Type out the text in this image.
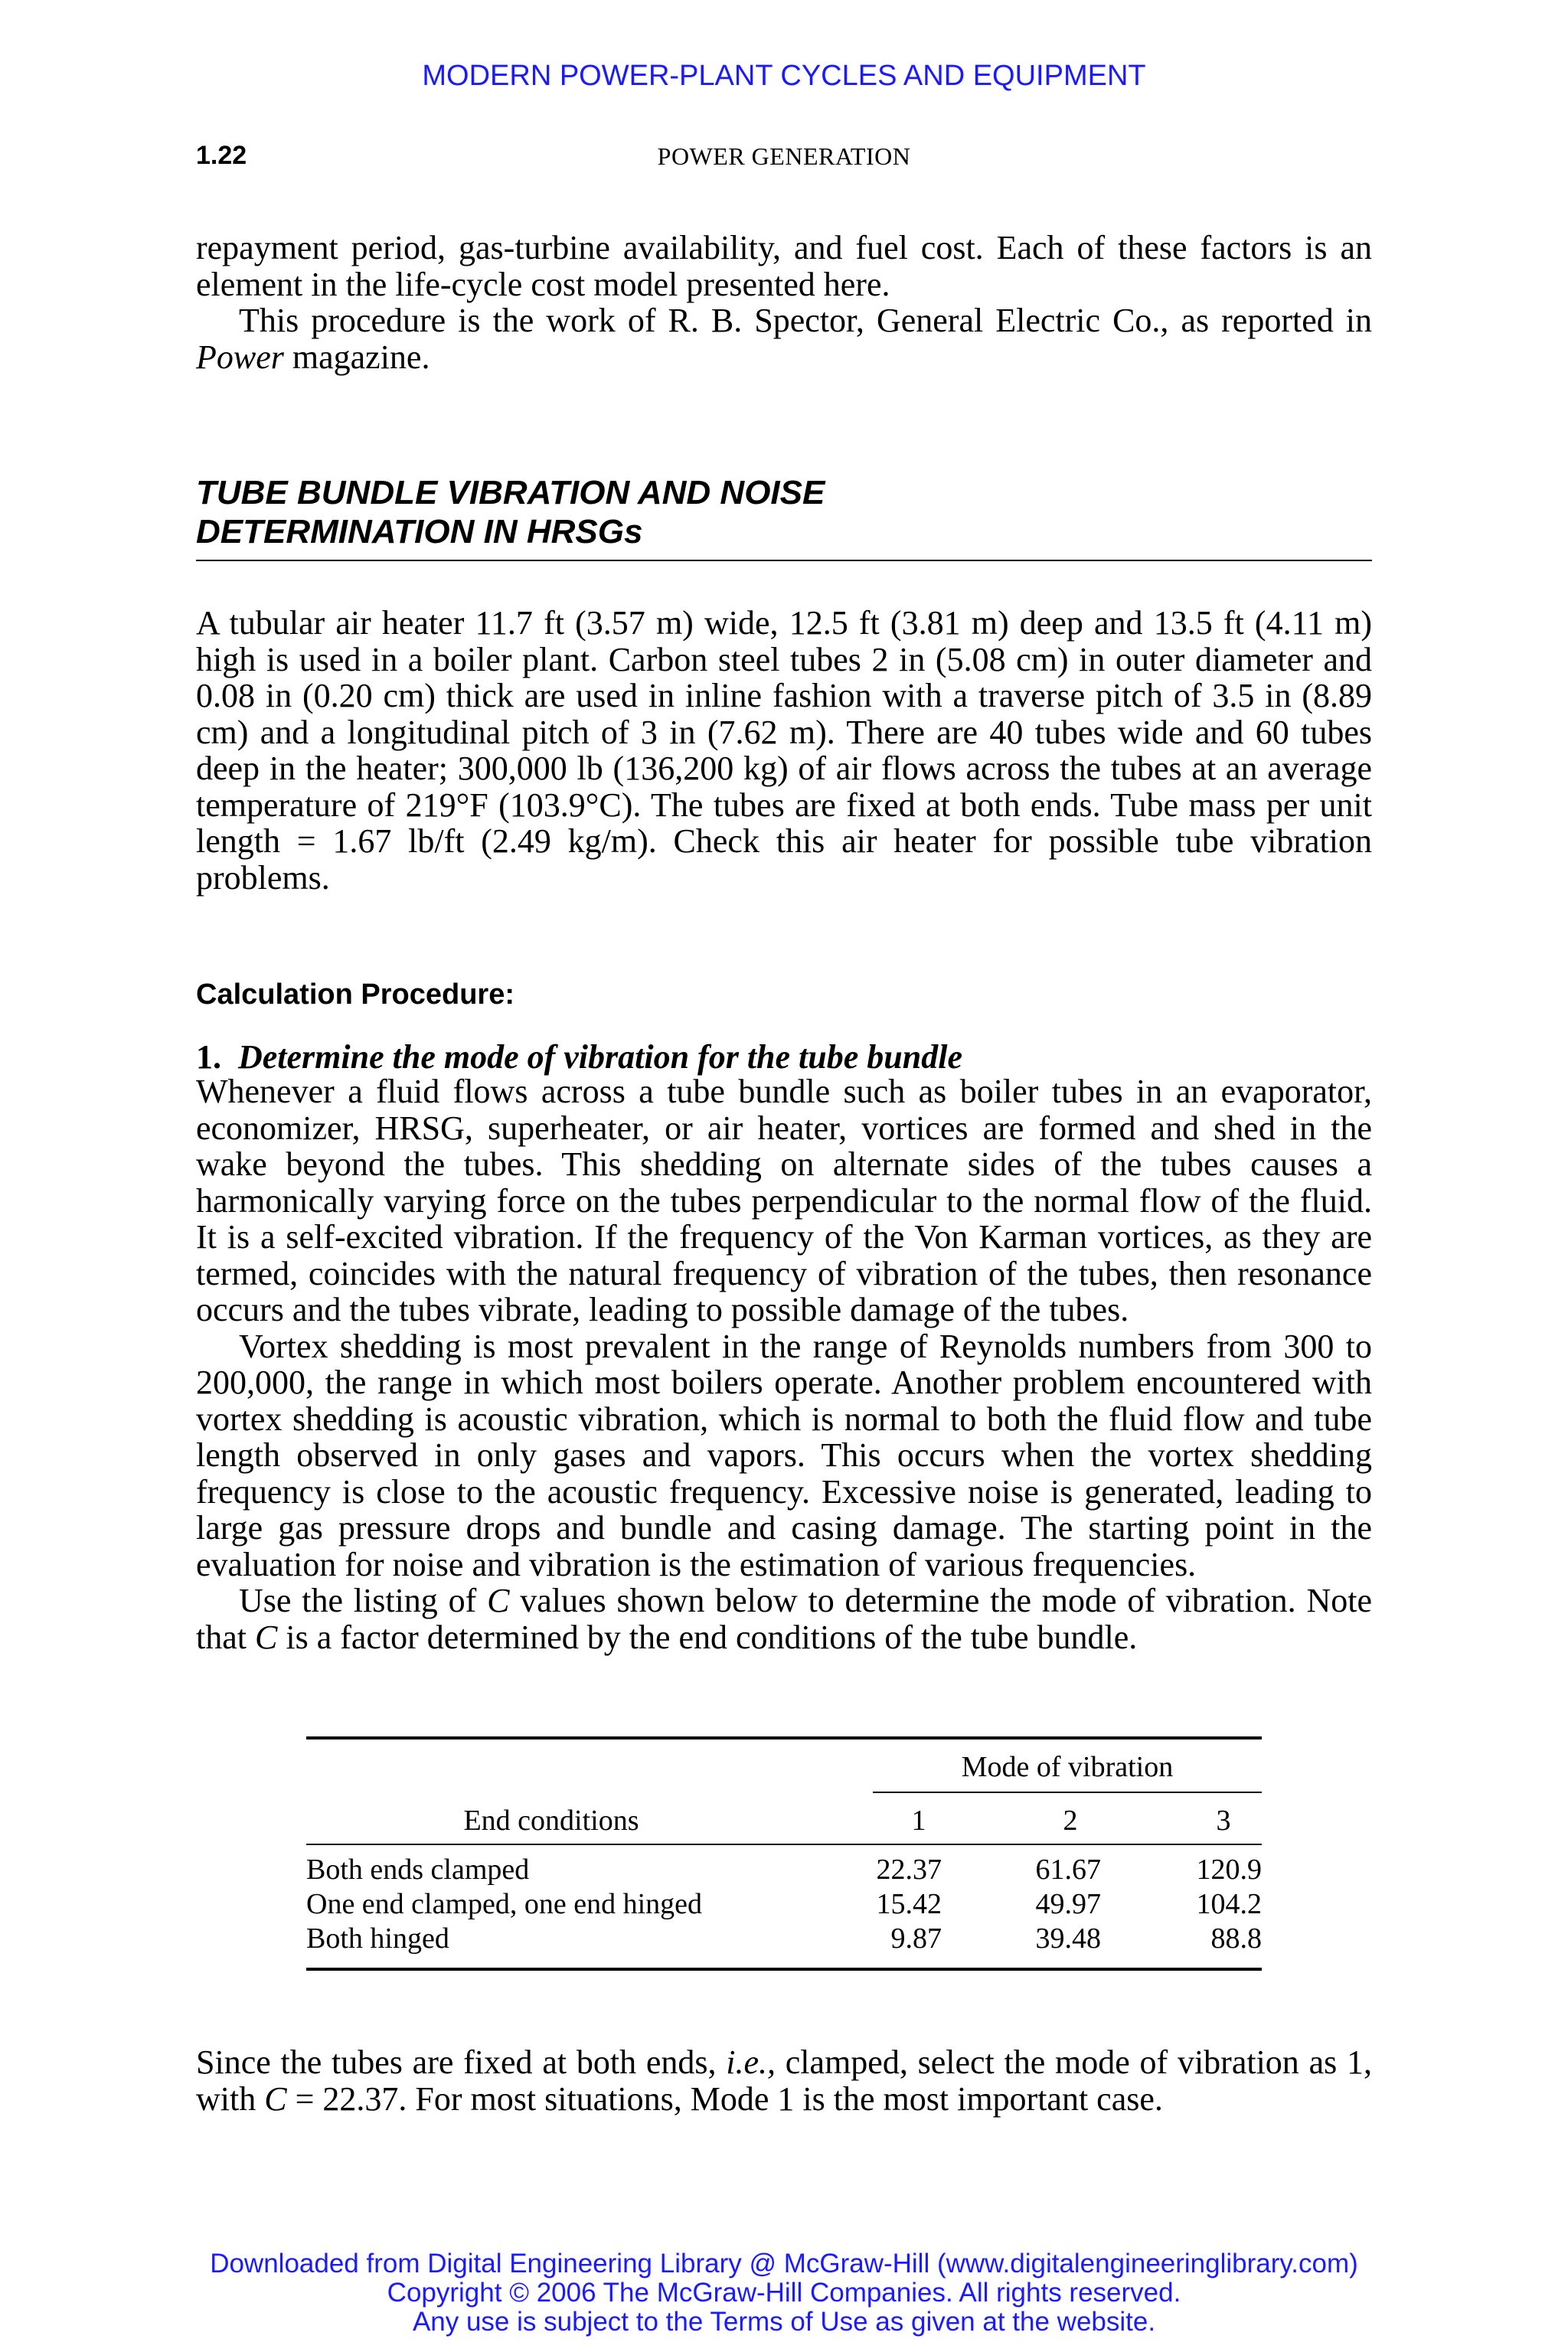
MODERN POWER-PLANT CYCLES AND EQUIPMENT
1.22	POWER GENERATION

repayment period, gas-turbine availability, and fuel cost. Each of these factors is an element in the life-cycle cost model presented here.

This procedure is the work of R. B. Spector, General Electric Co., as reported in Power magazine.

TUBE BUNDLE VIBRATION AND NOISE
DETERMINATION IN HRSGs

A tubular air heater 11.7 ft (3.57 m) wide, 12.5 ft (3.81 m) deep and 13.5 ft (4.11 m) high is used in a boiler plant. Carbon steel tubes 2 in (5.08 cm) in outer diameter and 0.08 in (0.20 cm) thick are used in inline fashion with a traverse pitch of 3.5 in (8.89 cm) and a longitudinal pitch of 3 in (7.62 m). There are 40 tubes wide and 60 tubes deep in the heater; 300,000 lb (136,200 kg) of air flows across the tubes at an average temperature of 219°F (103.9°C). The tubes are fixed at both ends. Tube mass per unit length = 1.67 lb/ft (2.49 kg/m). Check this air heater for possible tube vibration problems.

Calculation Procedure:
1. Determine the mode of vibration for the tube bundle

Whenever a fluid flows across a tube bundle such as boiler tubes in an evaporator, economizer, HRSG, superheater, or air heater, vortices are formed and shed in the wake beyond the tubes. This shedding on alternate sides of the tubes causes a harmonically varying force on the tubes perpendicular to the normal flow of the fluid. It is a self-excited vibration. If the frequency of the Von Karman vortices, as they are termed, coincides with the natural frequency of vibration of the tubes, then resonance occurs and the tubes vibrate, leading to possible damage of the tubes.

Vortex shedding is most prevalent in the range of Reynolds numbers from 300 to 200,000, the range in which most boilers operate. Another problem encountered with vortex shedding is acoustic vibration, which is normal to both the fluid flow and tube length observed in only gases and vapors. This occurs when the vortex shedding frequency is close to the acoustic frequency. Excessive noise is generated, leading to large gas pressure drops and bundle and casing damage. The starting point in the evaluation for noise and vibration is the estimation of various frequencies.

Use the listing of C values shown below to determine the mode of vibration. Note that C is a factor determined by the end conditions of the tube bundle.

Mode of vibration
End conditions	1	2	3
Both ends clamped	22.37	61.67	120.9
One end clamped, one end hinged	15.42	49.97	104.2
Both hinged	9.87	39.48	88.8

Since the tubes are fixed at both ends, i.e., clamped, select the mode of vibration as 1, with C = 22.37. For most situations, Mode 1 is the most important case.

Downloaded from Digital Engineering Library @ McGraw-Hill (www.digitalengineeringlibrary.com)
Copyright © 2006 The McGraw-Hill Companies. All rights reserved.
Any use is subject to the Terms of Use as given at the website.
